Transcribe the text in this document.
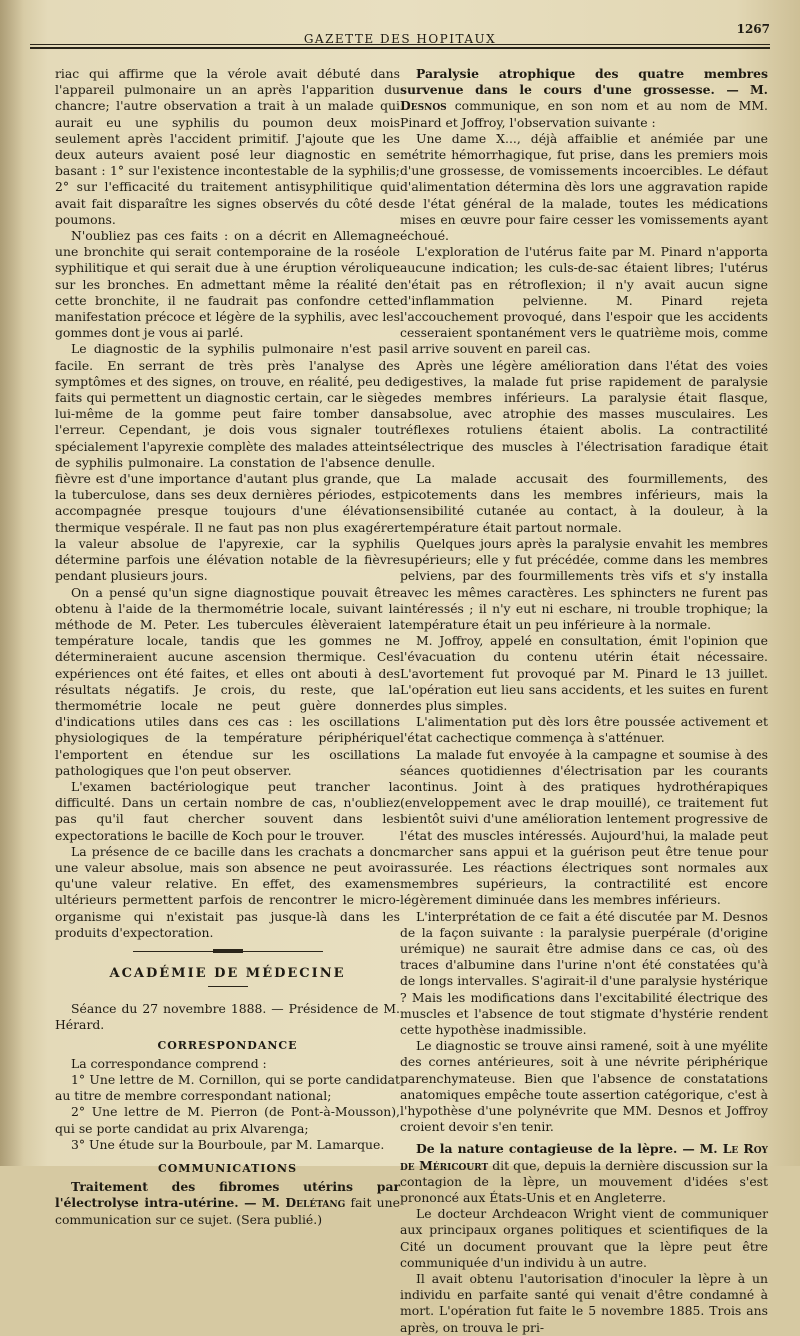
GAZETTE DES HOPITAUX
1267

riac qui affirme que la vérole avait débuté dans l'appareil pulmonaire un an après l'apparition du chancre; l'autre observation a trait à un malade qui aurait eu une syphilis du poumon deux mois seulement après l'accident primitif. J'ajoute que les deux auteurs avaient posé leur diagnostic en se basant : 1° sur l'existence incontestable de la syphilis; 2° sur l'efficacité du traitement antisyphilitique qui avait fait disparaître les signes observés du côté des poumons.

N'oubliez pas ces faits : on a décrit en Allemagne une bronchite qui serait contemporaine de la roséole syphilitique et qui serait due à une éruption vérolique sur les bronches. En admettant même la réalité de cette bronchite, il ne faudrait pas confondre cette manifestation précoce et légère de la syphilis, avec les gommes dont je vous ai parlé.

Le diagnostic de la syphilis pulmonaire n'est pas facile. En serrant de très près l'analyse des symptômes et des signes, on trouve, en réalité, peu de faits qui permettent un diagnostic certain, car le siège lui-même de la gomme peut faire tomber dans l'erreur. Cependant, je dois vous signaler tout spécialement l'apyrexie complète des malades atteints de syphilis pulmonaire. La constation de l'absence de fièvre est d'une importance d'autant plus grande, que la tuberculose, dans ses deux dernières périodes, est accompagnée presque toujours d'une élévation thermique vespérale. Il ne faut pas non plus exagérer la valeur absolue de l'apyrexie, car la syphilis détermine parfois une élévation notable de la fièvre pendant plusieurs jours.

On a pensé qu'un signe diagnostique pouvait être obtenu à l'aide de la thermométrie locale, suivant la méthode de M. Peter. Les tubercules élèveraient la température locale, tandis que les gommes ne détermineraient aucune ascension thermique. Ces expériences ont été faites, et elles ont abouti à des résultats négatifs. Je crois, du reste, que la thermométrie locale ne peut guère donner d'indications utiles dans ces cas : les oscillations physiologiques de la température périphérique l'emportent en étendue sur les oscillations pathologiques que l'on peut observer.

L'examen bactériologique peut trancher la difficulté. Dans un certain nombre de cas, n'oubliez pas qu'il faut chercher souvent dans les expectorations le bacille de Koch pour le trouver.

La présence de ce bacille dans les crachats a donc une valeur absolue, mais son absence ne peut avoir qu'une valeur relative. En effet, des examens ultérieurs permettent parfois de rencontrer le micro-organisme qui n'existait pas jusque-là dans les produits d'expectoration.

ACADÉMIE DE MÉDECINE

Séance du 27 novembre 1888. — Présidence de M. Hérard.

CORRESPONDANCE

La correspondance comprend :

1° Une lettre de M. Cornillon, qui se porte candidat au titre de membre correspondant national;

2° Une lettre de M. Pierron (de Pont-à-Mousson), qui se porte candidat au prix Alvarenga;

3° Une étude sur la Bourboule, par M. Lamarque.

COMMUNICATIONS

Traitement des fibromes utérins par l'électrolyse intra-utérine. — M. Delétang fait une communication sur ce sujet. (Sera publié.)

Paralysie atrophique des quatre membres survenue dans le cours d'une grossesse. — M. Desnos communique, en son nom et au nom de MM. Pinard et Joffroy, l'observation suivante :

Une dame X..., déjà affaiblie et anémiée par une métrite hémorrhagique, fut prise, dans les premiers mois d'une grossesse, de vomissements incoercibles. Le défaut d'alimentation détermina dès lors une aggravation rapide de l'état général de la malade, toutes les médications mises en œuvre pour faire cesser les vomissements ayant échoué.

L'exploration de l'utérus faite par M. Pinard n'apporta aucune indication; les culs-de-sac étaient libres; l'utérus n'était pas en rétroflexion; il n'y avait aucun signe d'inflammation pelvienne. M. Pinard rejeta l'accouchement provoqué, dans l'espoir que les accidents cesseraient spontanément vers le quatrième mois, comme il arrive souvent en pareil cas.

Après une légère amélioration dans l'état des voies digestives, la malade fut prise rapidement de paralysie des membres inférieurs. La paralysie était flasque, absolue, avec atrophie des masses musculaires. Les réflexes rotuliens étaient abolis. La contractilité électrique des muscles à l'électrisation faradique était nulle.

La malade accusait des fourmillements, des picotements dans les membres inférieurs, mais la sensibilité cutanée au contact, à la douleur, à la température était partout normale.

Quelques jours après la paralysie envahit les membres supérieurs; elle y fut précédée, comme dans les membres pelviens, par des fourmillements très vifs et s'y installa avec les mêmes caractères. Les sphincters ne furent pas intéressés ; il n'y eut ni eschare, ni trouble trophique; la température était un peu inférieure à la normale.

M. Joffroy, appelé en consultation, émit l'opinion que l'évacuation du contenu utérin était nécessaire. L'avortement fut provoqué par M. Pinard le 13 juillet. L'opération eut lieu sans accidents, et les suites en furent des plus simples.

L'alimentation put dès lors être poussée activement et l'état cachectique commença à s'atténuer.

La malade fut envoyée à la campagne et soumise à des séances quotidiennes d'électrisation par les courants continus. Joint à des pratiques hydrothérapiques (enveloppement avec le drap mouillé), ce traitement fut bientôt suivi d'une amélioration lentement progressive de l'état des muscles intéressés. Aujourd'hui, la malade peut marcher sans appui et la guérison peut être tenue pour assurée. Les réactions électriques sont normales aux membres supérieurs, la contractilité est encore légèrement diminuée dans les membres inférieurs.

L'interprétation de ce fait a été discutée par M. Desnos de la façon suivante : la paralysie puerpérale (d'origine urémique) ne saurait être admise dans ce cas, où des traces d'albumine dans l'urine n'ont été constatées qu'à de longs intervalles. S'agirait-il d'une paralysie hystérique ? Mais les modifications dans l'excitabilité électrique des muscles et l'absence de tout stigmate d'hystérie rendent cette hypothèse inadmissible.

Le diagnostic se trouve ainsi ramené, soit à une myélite des cornes antérieures, soit à une névrite périphérique parenchymateuse. Bien que l'absence de constatations anatomiques empêche toute assertion catégorique, c'est à l'hypothèse d'une polynévrite que MM. Desnos et Joffroy croient devoir s'en tenir.

De la nature contagieuse de la lèpre. — M. Le Roy de Méricourt dit que, depuis la dernière discussion sur la contagion de la lèpre, un mouvement d'idées s'est prononcé aux États-Unis et en Angleterre.

Le docteur Archdeacon Wright vient de communiquer aux principaux organes politiques et scientifiques de la Cité un document prouvant que la lèpre peut être communiquée d'un individu à un autre.

Il avait obtenu l'autorisation d'inoculer la lèpre à un individu en parfaite santé qui venait d'être condamné à mort. L'opération fut faite le 5 novembre 1885. Trois ans après, on trouva le pri-
